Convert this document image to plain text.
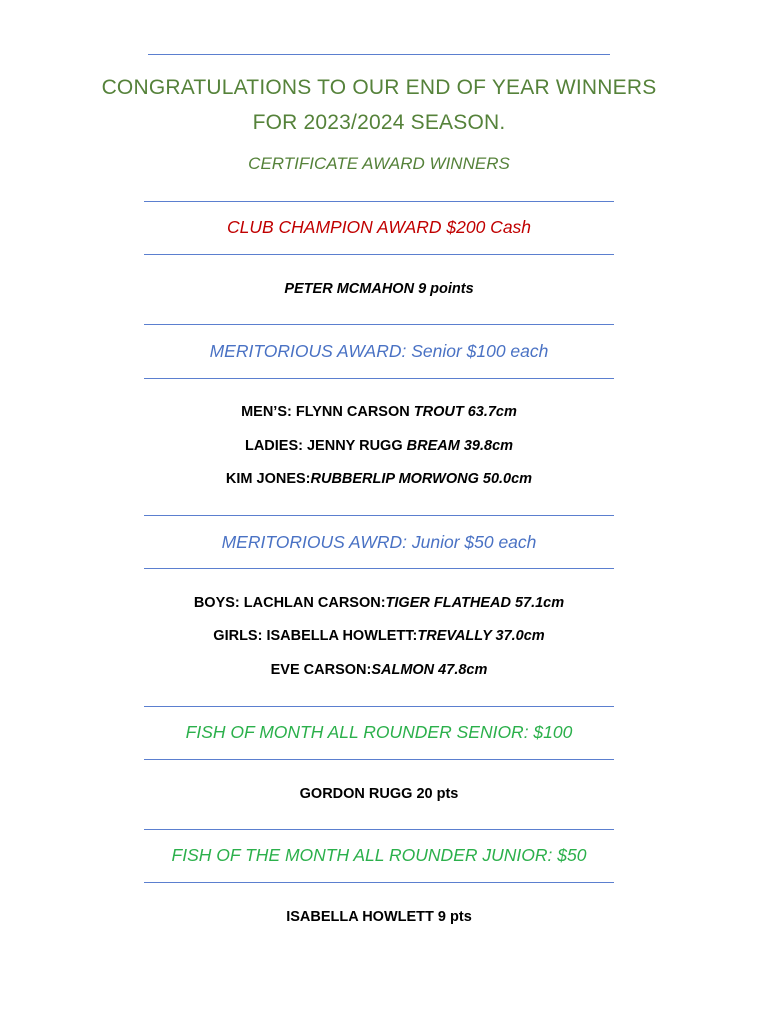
CONGRATULATIONS TO OUR END OF YEAR WINNERS
FOR 2023/2024 SEASON.
CERTIFICATE AWARD WINNERS
CLUB CHAMPION AWARD $200 Cash
PETER MCMAHON 9 points
MERITORIOUS AWARD: Senior $100 each
MEN’S: FLYNN CARSON TROUT 63.7cm
LADIES: JENNY RUGG BREAM 39.8cm
KIM JONES:RUBBERLIP MORWONG 50.0cm
MERITORIOUS AWRD: Junior $50 each
BOYS: LACHLAN CARSON:TIGER FLATHEAD 57.1cm
GIRLS: ISABELLA HOWLETT:TREVALLY 37.0cm
EVE CARSON:SALMON 47.8cm
FISH OF MONTH ALL ROUNDER SENIOR: $100
GORDON RUGG 20 pts
FISH OF THE MONTH ALL ROUNDER JUNIOR: $50
ISABELLA HOWLETT 9 pts
